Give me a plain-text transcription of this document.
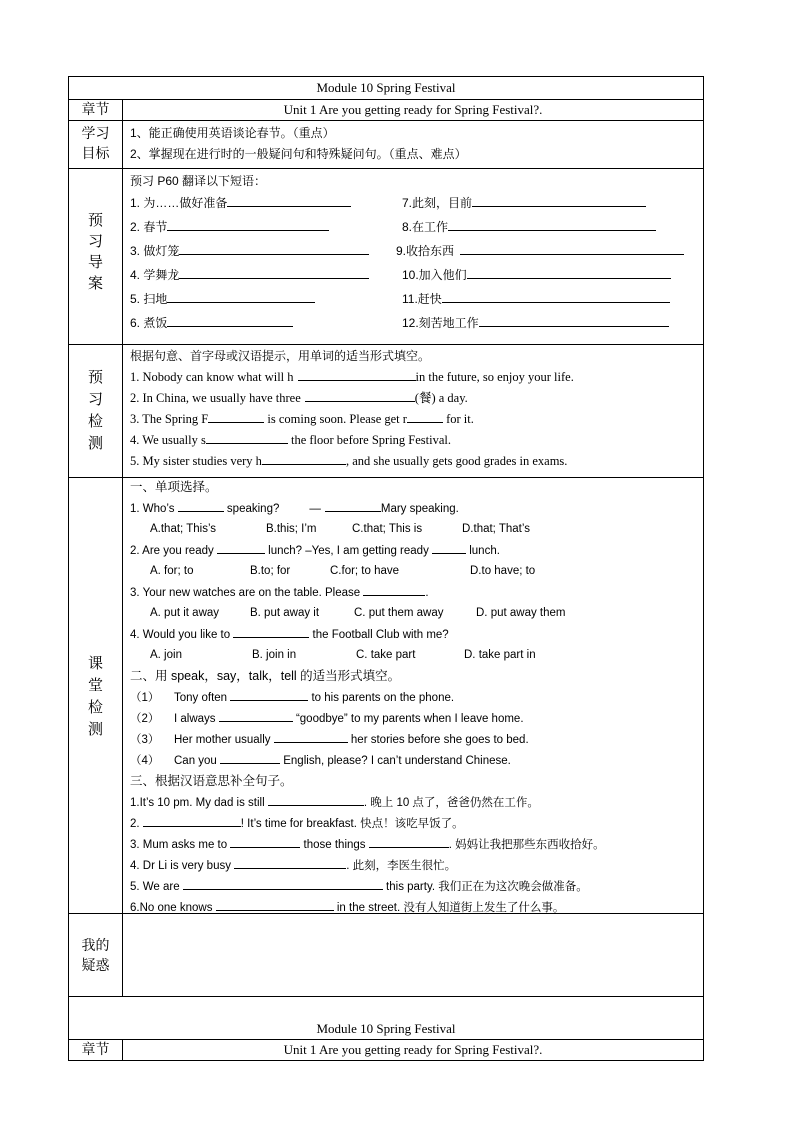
Module 10 Spring Festival
章节	Unit 1 Are you getting ready for Spring Festival?.
学习
目标
1、能正确使用英语谈论春节。（重点）
2、掌握现在进行时的一般疑问句和特殊疑问句。（重点、难点）
预
习
导
案
预习 P60 翻译以下短语：
1. 为……做好准备	7.此刻，目前
2. 春节	8.在工作
3. 做灯笼	9.收拾东西
4. 学舞龙	10.加入他们
5. 扫地	11.赶快
6. 煮饭	12.刻苦地工作
预
习
检
测
根据句意、首字母或汉语提示，用单词的适当形式填空。
1. Nobody can know what will h	in the future, so enjoy your life.
2. In China, we usually have three	(餐) a day.
3. The Spring F	is coming soon. Please get r	for it.
4. We usually s	the floor before Spring Festival.
5. My sister studies very h	, and she usually gets good grades in exams.
课
堂
检
测
一、单项选择。
1. Who’s	speaking?	—	Mary speaking.
A.that; This’s	B.this; I’m	C.that; This is	D.that; That’s
2. Are you ready	lunch? –Yes, I am getting ready	lunch.
A. for; to	B.to; for	C.for; to have	D.to have; to
3. Your new watches are on the table. Please	.
A. put it away	B. put away it	C. put them away	D. put away them
4. Would you like to	the Football Club with me?
A. join	B. join in	C. take part	D. take part in
二、用 speak，say，talk，tell 的适当形式填空。
（1） Tony often	to his parents on the phone.
（2） I always	“goodbye” to my parents when I leave home.
（3） Her mother usually	her stories before she goes to bed.
（4） Can you	English, please? I can’t understand Chinese.
三、根据汉语意思补全句子。
1.It’s 10 pm. My dad is still	. 晚上 10 点了，爸爸仍然在工作。
2.	! It’s time for breakfast. 快点！该吃早饭了。
3. Mum asks me to	those things	. 妈妈让我把那些东西收拾好。
4. Dr Li is very busy	. 此刻，李医生很忙。
5. We are	this party. 我们正在为这次晚会做准备。
6.No one knows	in the street. 没有人知道街上发生了什么事。
我的
疑惑
Module 10 Spring Festival
章节	Unit 1 Are you getting ready for Spring Festival?.
